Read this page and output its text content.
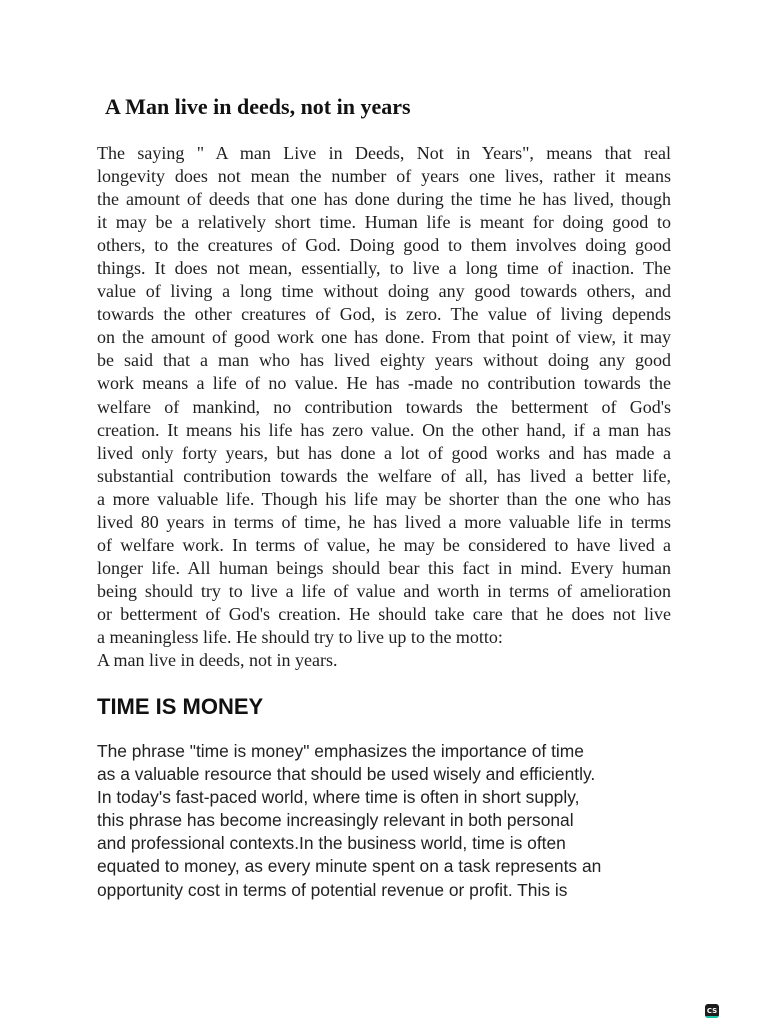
A Man live in deeds, not in years
The saying " A man Live in Deeds, Not in Years", means that real
longevity does not mean the number of years one lives, rather it means
the amount of deeds that one has done during the time he has lived, though
it may be a relatively short time. Human life is meant for doing good to
others, to the creatures of God. Doing good to them involves doing good
things. It does not mean, essentially, to live a long time of inaction. The
value of living a long time without doing any good towards others, and
towards the other creatures of God, is zero. The value of living depends
on the amount of good work one has done. From that point of view, it may
be said that a man who has lived eighty years without doing any good
work means a life of no value. He has -made no contribution towards the
welfare of mankind, no contribution towards the betterment of God's
creation. It means his life has zero value. On the other hand, if a man has
lived only forty years, but has done a lot of good works and has made a
substantial contribution towards the welfare of all, has lived a better life,
a more valuable life. Though his life may be shorter than the one who has
lived 80 years in terms of time, he has lived a more valuable life in terms
of welfare work. In terms of value, he may be considered to have lived a
longer life. All human beings should bear this fact in mind. Every human
being should try to live a life of value and worth in terms of amelioration
or betterment of God's creation. He should take care that he does not live
a meaningless life. He should try to live up to the motto:
A man live in deeds, not in years.
TIME IS MONEY
The phrase "time is money" emphasizes the importance of time
as a valuable resource that should be used wisely and efficiently.
In today's fast-paced world, where time is often in short supply,
this phrase has become increasingly relevant in both personal
and professional contexts.In the business world, time is often
equated to money, as every minute spent on a task represents an
opportunity cost in terms of potential revenue or profit. This is
CS
